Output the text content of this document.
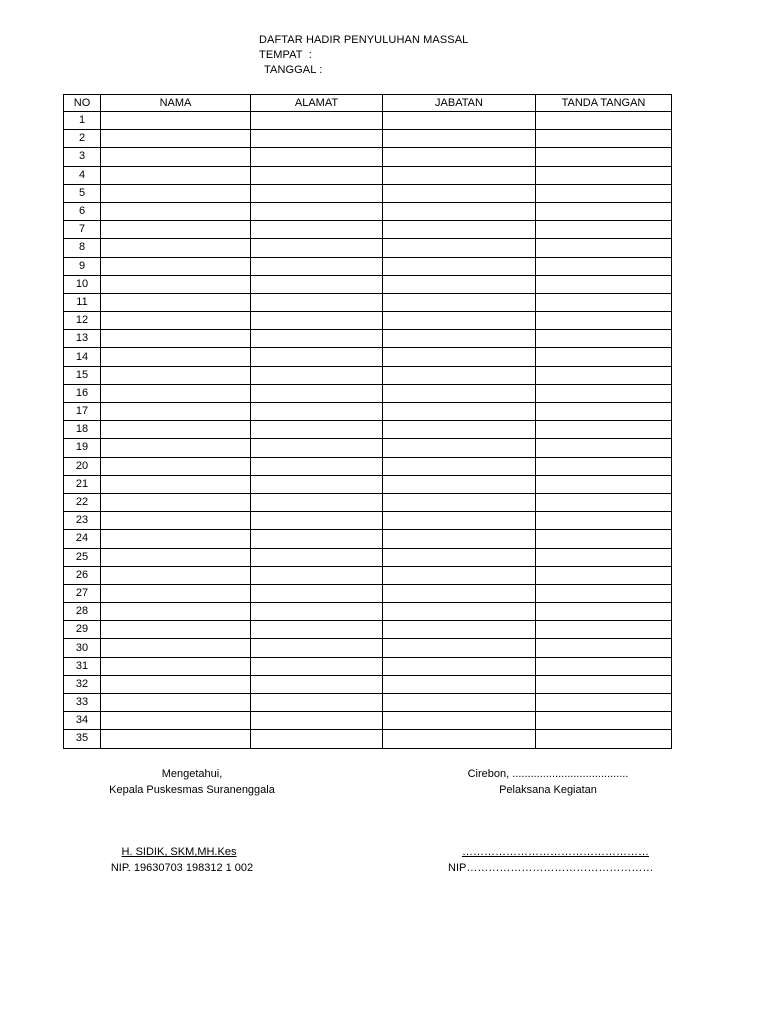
DAFTAR HADIR PENYULUHAN MASSAL
TEMPAT  :
TANGGAL :
NO	NAMA	ALAMAT	JABATAN	TANDA TANGAN
1				
2				
3				
4				
5				
6				
7				
8				
9				
10				
11				
12				
13				
14				
15				
16				
17				
18				
19				
20				
21				
22				
23				
24				
25				
26				
27				
28				
29				
30				
31				
32				
33				
34				
35				
Mengetahui,
Kepala Puskesmas Suranenggala
H. SIDIK, SKM,MH.Kes
NIP. 19630703 198312 1 002
Cirebon, ......................................
Pelaksana Kegiatan
……………………………………………
NIP……………………………………………
